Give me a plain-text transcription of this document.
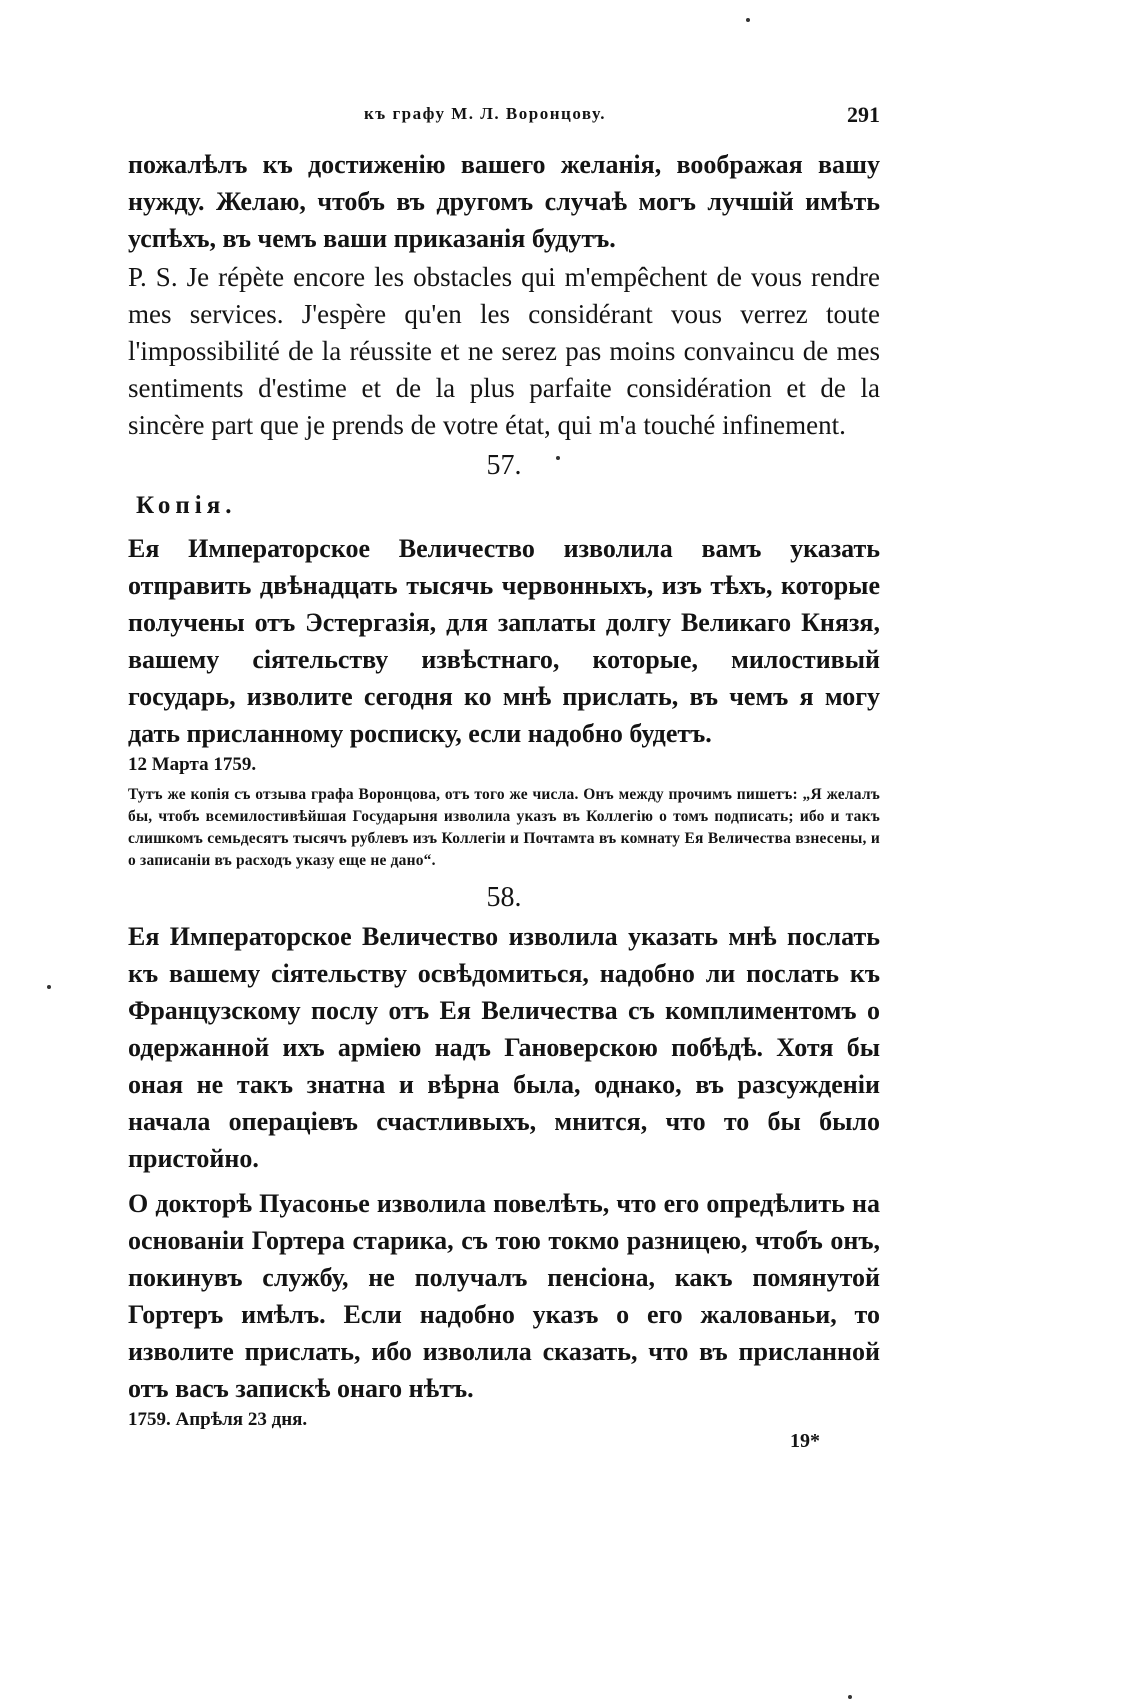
къ графу М. Л. Воронцову.	291

пожалѣлъ къ достиженію вашего желанія, воображая вашу нужду. Желаю, чтобъ въ другомъ случаѣ могъ лучшій имѣть успѣхъ, въ чемъ ваши приказанія будутъ.

P. S. Je répète encore les obstacles qui m'empêchent de vous rendre mes services. J'espère qu'en les considérant vous verrez toute l'impossibilité de la réussite et ne serez pas moins convaincu de mes sentiments d'estime et de la plus parfaite considération et de la sincère part que je prends de votre état, qui m'a touché infinement.

57.

Копія.

Ея Императорское Величество изволила вамъ указать отправить двѣнадцать тысячь червонныхъ, изъ тѣхъ, которые получены отъ Эстергазія, для заплаты долгу Великаго Князя, вашему сіятельству извѣстнаго, которые, милостивый государь, изволите сегодня ко мнѣ прислать, въ чемъ я могу дать присланному росписку, если надобно будетъ.

12 Марта 1759.

Тутъ же копія съ отзыва графа Воронцова, отъ того же числа. Онъ между прочимъ пишетъ: „Я желалъ бы, чтобъ всемилостивѣйшая Государыня изволила указъ въ Коллегію о томъ подписать; ибо и такъ слишкомъ семьдесятъ тысячъ рублевъ изъ Коллегіи и Почтамта въ комнату Ея Величества взнесены, и о записаніи въ расходъ указу еще не дано“.

58.

Ея Императорское Величество изволила указать мнѣ послать къ вашему сіятельству освѣдомиться, надобно ли послать къ Французскому послу отъ Ея Величества съ комплиментомъ о одержанной ихъ арміею надъ Гановерскою побѣдѣ. Хотя бы оная не такъ знатна и вѣрна была, однако, въ разсужденіи начала операціевъ счастливыхъ, мнится, что то бы было пристойно.

О докторѣ Пуасонье изволила повелѣть, что его опредѣлить на основаніи Гортера старика, съ тою токмо разницею, чтобъ онъ, покинувъ службу, не получалъ пенсіона, какъ помянутой Гортеръ имѣлъ. Если надобно указъ о его жалованьи, то изволите прислать, ибо изволила сказать, что въ присланной отъ васъ запискѣ онаго нѣтъ.

1759. Апрѣля 23 дня.

19*
